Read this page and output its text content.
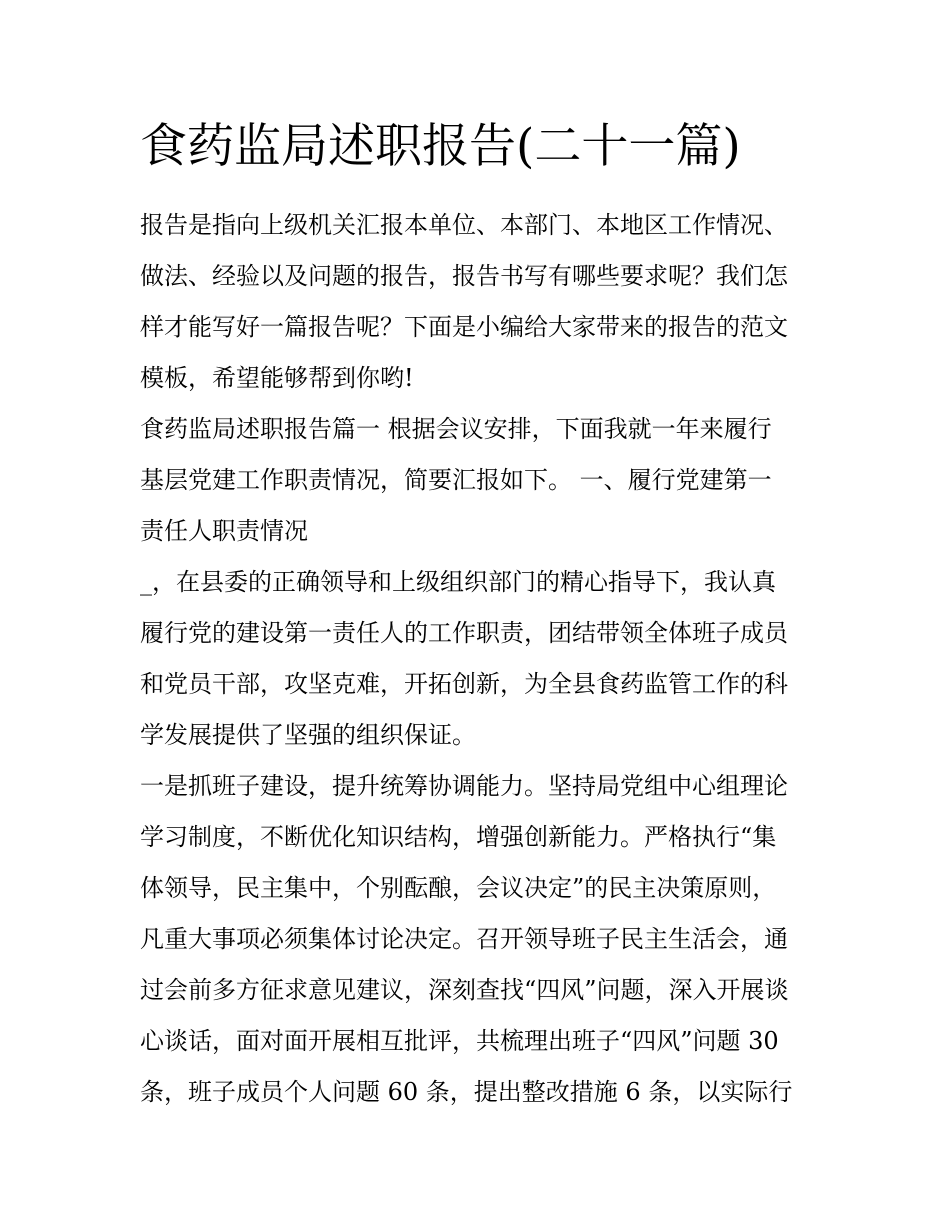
食药监局述职报告(二十一篇)
报告是指向上级机关汇报本单位、本部门、本地区工作情况、
做法、经验以及问题的报告，报告书写有哪些要求呢？我们怎
样才能写好一篇报告呢？下面是小编给大家带来的报告的范文
模板，希望能够帮到你哟!
食药监局述职报告篇一 根据会议安排，下面我就一年来履行
基层党建工作职责情况，简要汇报如下。 一、履行党建第一
责任人职责情况
_，在县委的正确领导和上级组织部门的精心指导下，我认真
履行党的建设第一责任人的工作职责，团结带领全体班子成员
和党员干部，攻坚克难，开拓创新，为全县食药监管工作的科
学发展提供了坚强的组织保证。
一是抓班子建设，提升统筹协调能力。坚持局党组中心组理论
学习制度，不断优化知识结构，增强创新能力。严格执行“集
体领导，民主集中，个别酝酿，会议决定”的民主决策原则，
凡重大事项必须集体讨论决定。召开领导班子民主生活会，通
过会前多方征求意见建议，深刻查找“四风”问题，深入开展谈
心谈话，面对面开展相互批评，共梳理出班子“四风”问题 30
条，班子成员个人问题 60 条，提出整改措施 6 条，以实际行
